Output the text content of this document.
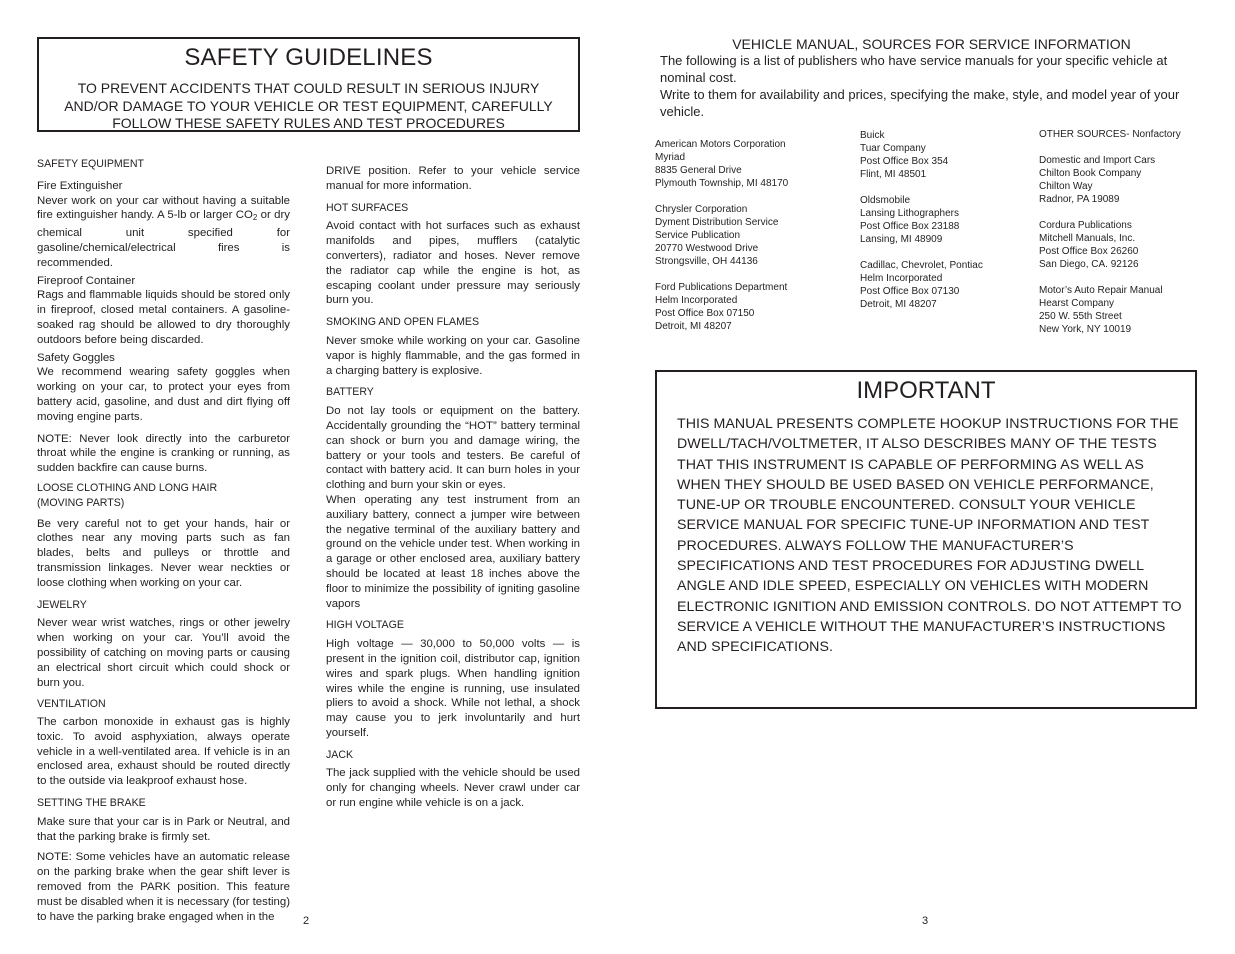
SAFETY GUIDELINES
TO PREVENT ACCIDENTS THAT COULD RESULT IN SERIOUS INJURY AND/OR DAMAGE TO YOUR VEHICLE OR TEST EQUIPMENT, CAREFULLY FOLLOW THESE SAFETY RULES AND TEST PROCEDURES

SAFETY EQUIPMENT

Fire Extinguisher

Never work on your car without having a suitable fire extinguisher handy. A 5-lb or larger $CO_2$ or dry chemical unit specified for gasoline/chemical/electrical fires is recommended.

Fireproof Container

Rags and flammable liquids should be stored only in fireproof, closed metal containers. A gasoline-soaked rag should be allowed to dry thoroughly outdoors before being discarded.

Safety Goggles

We recommend wearing safety goggles when working on your car, to protect your eyes from battery acid, gasoline, and dust and dirt flying off moving engine parts.

NOTE: Never look directly into the carburetor throat while the engine is cranking or running, as sudden backfire can cause burns.

LOOSE CLOTHING AND LONG HAIR

(MOVING PARTS)

Be very careful not to get your hands, hair or clothes near any moving parts such as fan blades, belts and pulleys or throttle and transmission linkages. Never wear neckties or loose clothing when working on your car.

JEWELRY

Never wear wrist watches, rings or other jewelry when working on your car. You’ll avoid the possibility of catching on moving parts or causing an electrical short circuit which could shock or burn you.

VENTILATION

The carbon monoxide in exhaust gas is highly toxic. To avoid asphyxiation, always operate vehicle in a well-ventilated area. If vehicle is in an enclosed area, exhaust should be routed directly to the outside via leakproof exhaust hose.

SETTING THE BRAKE

Make sure that your car is in Park or Neutral, and that the parking brake is firmly set.

NOTE: Some vehicles have an automatic release on the parking brake when the gear shift lever is removed from the PARK position. This feature must be disabled when it is necessary (for testing) to have the parking brake engaged when in the

DRIVE position. Refer to your vehicle service manual for more information.

HOT SURFACES

Avoid contact with hot surfaces such as exhaust manifolds and pipes, mufflers (catalytic converters), radiator and hoses. Never remove the radiator cap while the engine is hot, as escaping coolant under pressure may seriously burn you.

SMOKING AND OPEN FLAMES

Never smoke while working on your car. Gasoline vapor is highly flammable, and the gas formed in a charging battery is explosive.

BATTERY

Do not lay tools or equipment on the battery. Accidentally grounding the “HOT” battery terminal can shock or burn you and damage wiring, the battery or your tools and testers. Be careful of contact with battery acid. It can burn holes in your clothing and burn your skin or eyes.

When operating any test instrument from an auxiliary battery, connect a jumper wire between the negative terminal of the auxiliary battery and ground on the vehicle under test. When working in a garage or other enclosed area, auxiliary battery should be located at least 18 inches above the floor to minimize the possibility of igniting gasoline vapors

HIGH VOLTAGE

High voltage — 30,000 to 50,000 volts — is present in the ignition coil, distributor cap, ignition wires and spark plugs. When handling ignition wires while the engine is running, use insulated pliers to avoid a shock. While not lethal, a shock may cause you to jerk involuntarily and hurt yourself.

JACK

The jack supplied with the vehicle should be used only for changing wheels. Never crawl under car or run engine while vehicle is on a jack.

2
VEHICLE MANUAL, SOURCES FOR SERVICE INFORMATION

The following is a list of publishers who have service manuals for your specific vehicle at nominal cost.

Write to them for availability and prices, specifying the make, style, and model year of your vehicle.

American Motors Corporation
Myriad
8835 General Drive
Plymouth Township, MI 48170
Chrysler Corporation
Dyment Distribution Service
Service Publication
20770 Westwood Drive
Strongsville, OH 44136
Ford Publications Department
Helm Incorporated
Post Office Box 07150
Detroit, MI 48207
Buick
Tuar Company
Post Office Box 354
Flint, MI 48501
Oldsmobile
Lansing Lithographers
Post Office Box 23188
Lansing, MI 48909
Cadillac, Chevrolet, Pontiac
Helm Incorporated
Post Office Box 07130
Detroit, MI 48207
OTHER SOURCES- Nonfactory
Domestic and Import Cars
Chilton Book Company
Chilton Way
Radnor, PA 19089
Cordura Publications
Mitchell Manuals, Inc.
Post Office Box 26260
San Diego, CA. 92126
Motor’s Auto Repair Manual
Hearst Company
250 W. 55th Street
New York, NY 10019
IMPORTANT
THIS MANUAL PRESENTS COMPLETE HOOKUP INSTRUCTIONS FOR THE DWELL/TACH/VOLTMETER, IT ALSO DESCRIBES MANY OF THE TESTS THAT THIS INSTRUMENT IS CAPABLE OF PERFORMING AS WELL AS WHEN THEY SHOULD BE USED BASED ON VEHICLE PERFORMANCE, TUNE-UP OR TROUBLE ENCOUNTERED. CONSULT YOUR VEHICLE SERVICE MANUAL FOR SPECIFIC TUNE-UP INFORMATION AND TEST PROCEDURES. ALWAYS FOLLOW THE MANUFACTURER’S SPECIFICATIONS AND TEST PROCEDURES FOR ADJUSTING DWELL ANGLE AND IDLE SPEED, ESPECIALLY ON VEHICLES WITH MODERN ELECTRONIC IGNITION AND EMISSION CONTROLS. DO NOT ATTEMPT TO SERVICE A VEHICLE WITHOUT THE MANUFACTURER’S INSTRUCTIONS AND SPECIFICATIONS.
3
